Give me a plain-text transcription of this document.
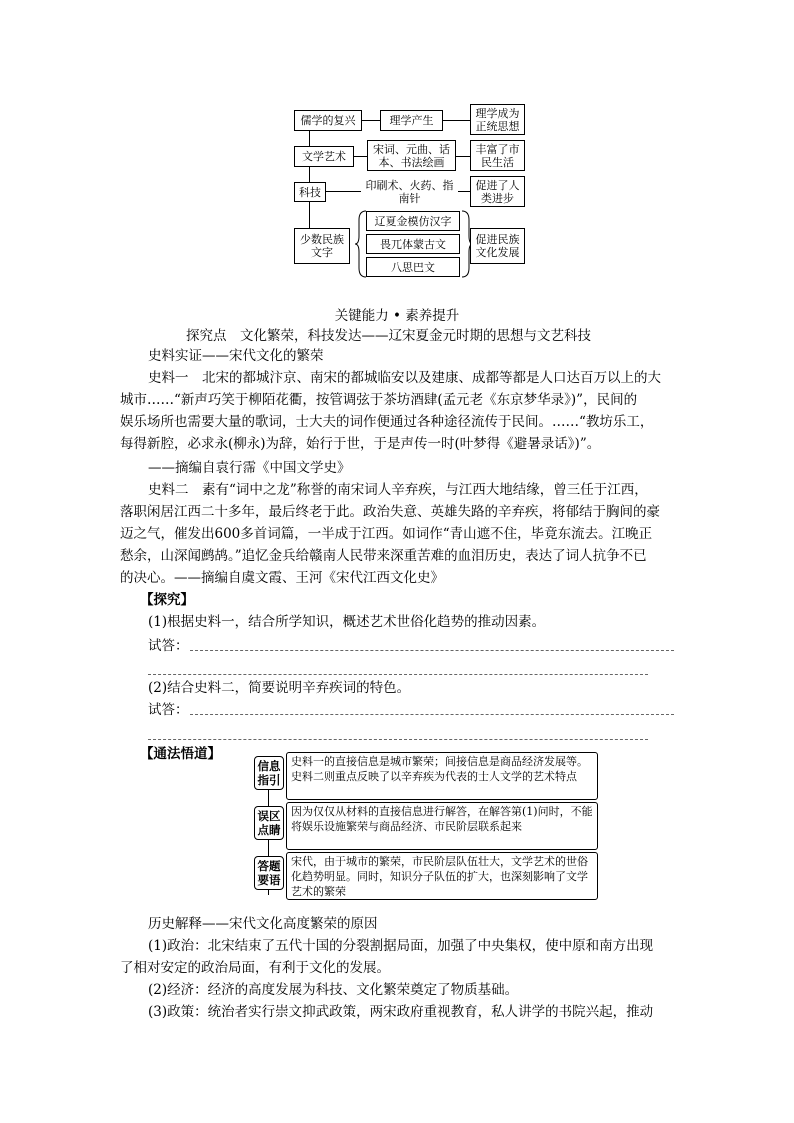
儒学的复兴	理学产生
理学成为正统思想
文学艺术
宋词、元曲、话本、书法绘画
丰富了市民生活
科技	印刷术、火药、指南针
促进了人类进步
少数民族文字
辽夏金模仿汉字
畏兀体蒙古文
八思巴文
促进民族文化发展
关键能力 • 素养提升
探究点　文化繁荣，科技发达——辽宋夏金元时期的思想与文艺科技
史料实证——宋代文化的繁荣
史料一　北宋的都城汴京、南宋的都城临安以及建康、成都等都是人口达百万以上的大
城市……“新声巧笑于柳陌花衢，按管调弦于茶坊酒肆(孟元老《东京梦华录》)”，民间的
娱乐场所也需要大量的歌词，士大夫的词作便通过各种途径流传于民间。……“教坊乐工，
每得新腔，必求永(柳永)为辞，始行于世，于是声传一时(叶梦得《避暑录话》)”。
——摘编自袁行霈《中国文学史》
史料二　素有“词中之龙”称誉的南宋词人辛弃疾，与江西大地结缘，曾三任于江西，
落职闲居江西二十多年，最后终老于此。政治失意、英雄失路的辛弃疾，将郁结于胸间的豪
迈之气，催发出600多首词篇，一半成于江西。如词作“青山遮不住，毕竟东流去。江晚正
愁余，山深闻鹧鸪。”追忆金兵给赣南人民带来深重苦难的血泪历史，表达了词人抗争不已
的决心。——摘编自虞文霞、王河《宋代江西文化史》
【探究】
(1)根据史料一，结合所学知识，概述艺术世俗化趋势的推动因素。
试答：
(2)结合史料二，简要说明辛弃疾词的特色。
试答：
【通法悟道】
信息指引
史料一的直接信息是城市繁荣；间接信息是商品经济发展等。史料二则重点反映了以辛弃疾为代表的士人文学的艺术特点
误区点睛
因为仅仅从材料的直接信息进行解答，在解答第(1)问时，不能将娱乐设施繁荣与商品经济、市民阶层联系起来
答题要语
宋代，由于城市的繁荣，市民阶层队伍壮大，文学艺术的世俗化趋势明显。同时，知识分子队伍的扩大，也深刻影响了文学艺术的繁荣
历史解释——宋代文化高度繁荣的原因
(1)政治：北宋结束了五代十国的分裂割据局面，加强了中央集权，使中原和南方出现
了相对安定的政治局面，有利于文化的发展。
(2)经济：经济的高度发展为科技、文化繁荣奠定了物质基础。
(3)政策：统治者实行崇文抑武政策，两宋政府重视教育，私人讲学的书院兴起，推动
